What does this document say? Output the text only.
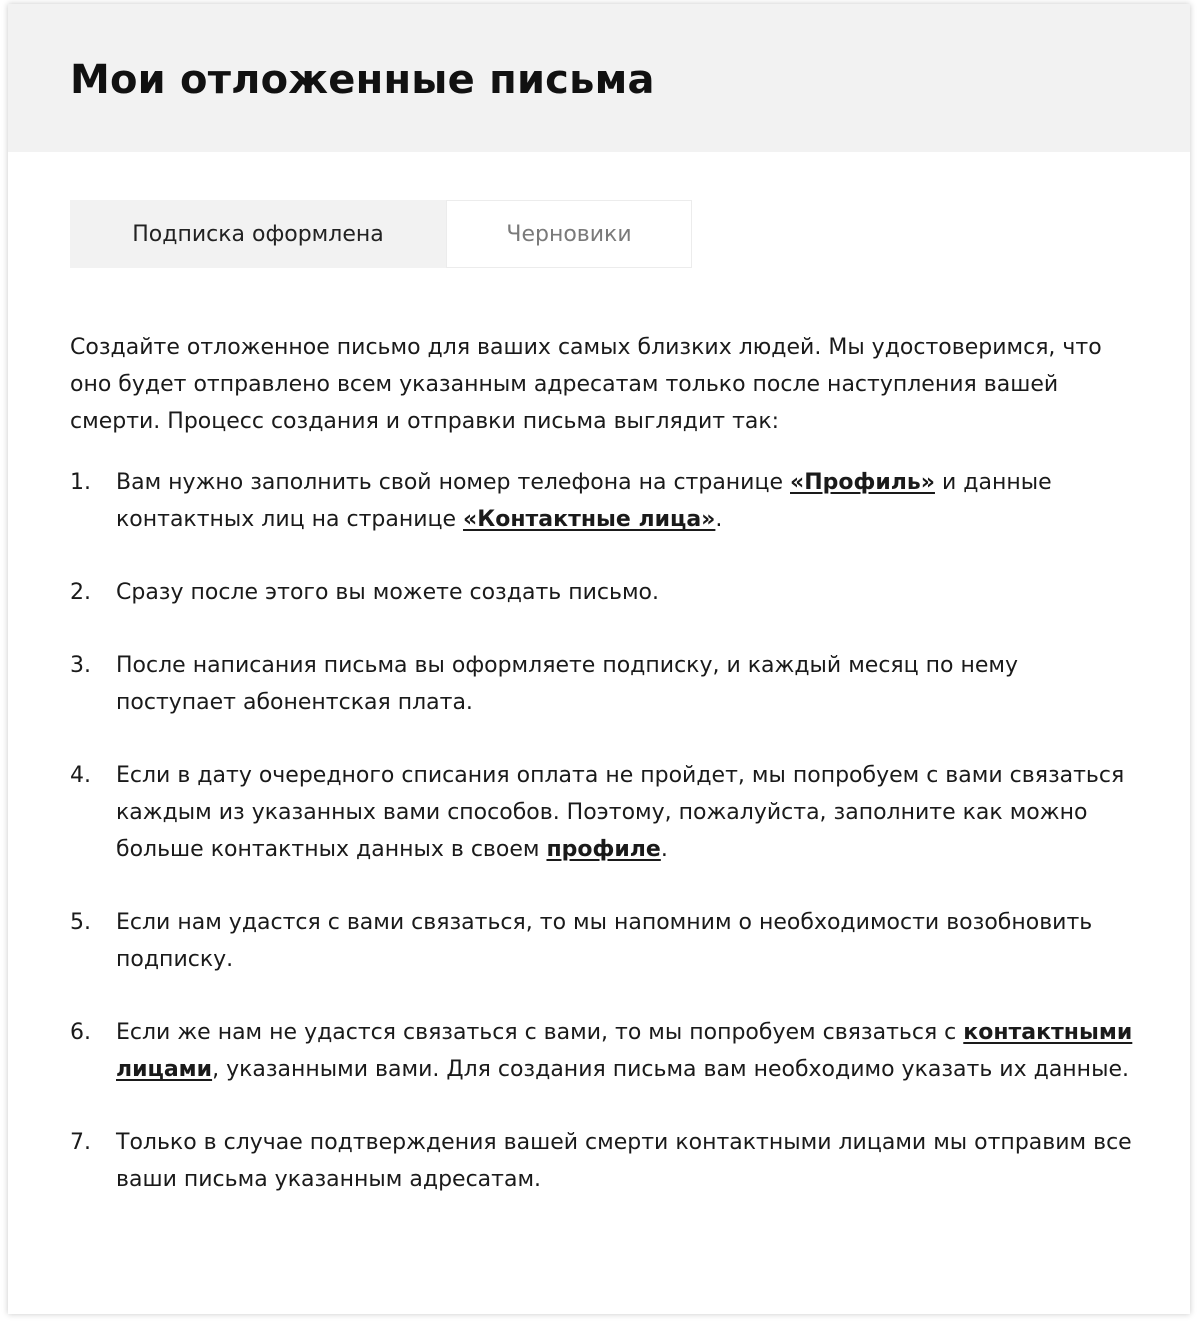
Мои отложенные письма
Подписка оформлена	Черновики

Создайте отложенное письмо для ваших самых близких людей. Мы удостоверимся, что оно будет отправлено всем указанным адресатам только после наступления вашей смерти. Процесс создания и отправки письма выглядит так:

1. Вам нужно заполнить свой номер телефона на странице «Профиль» и данные контактных лиц на странице «Контактные лица».
2. Сразу после этого вы можете создать письмо.
3. После написания письма вы оформляете подписку, и каждый месяц по нему поступает абонентская плата.
4. Если в дату очередного списания оплата не пройдет, мы попробуем с вами связаться каждым из указанных вами способов. Поэтому, пожалуйста, заполните как можно больше контактных данных в своем профиле.
5. Если нам удастся с вами связаться, то мы напомним о необходимости возобновить подписку.
6. Если же нам не удастся связаться с вами, то мы попробуем связаться с контактными лицами, указанными вами. Для создания письма вам необходимо указать их данные.
7. Только в случае подтверждения вашей смерти контактными лицами мы отправим все ваши письма указанным адресатам.
